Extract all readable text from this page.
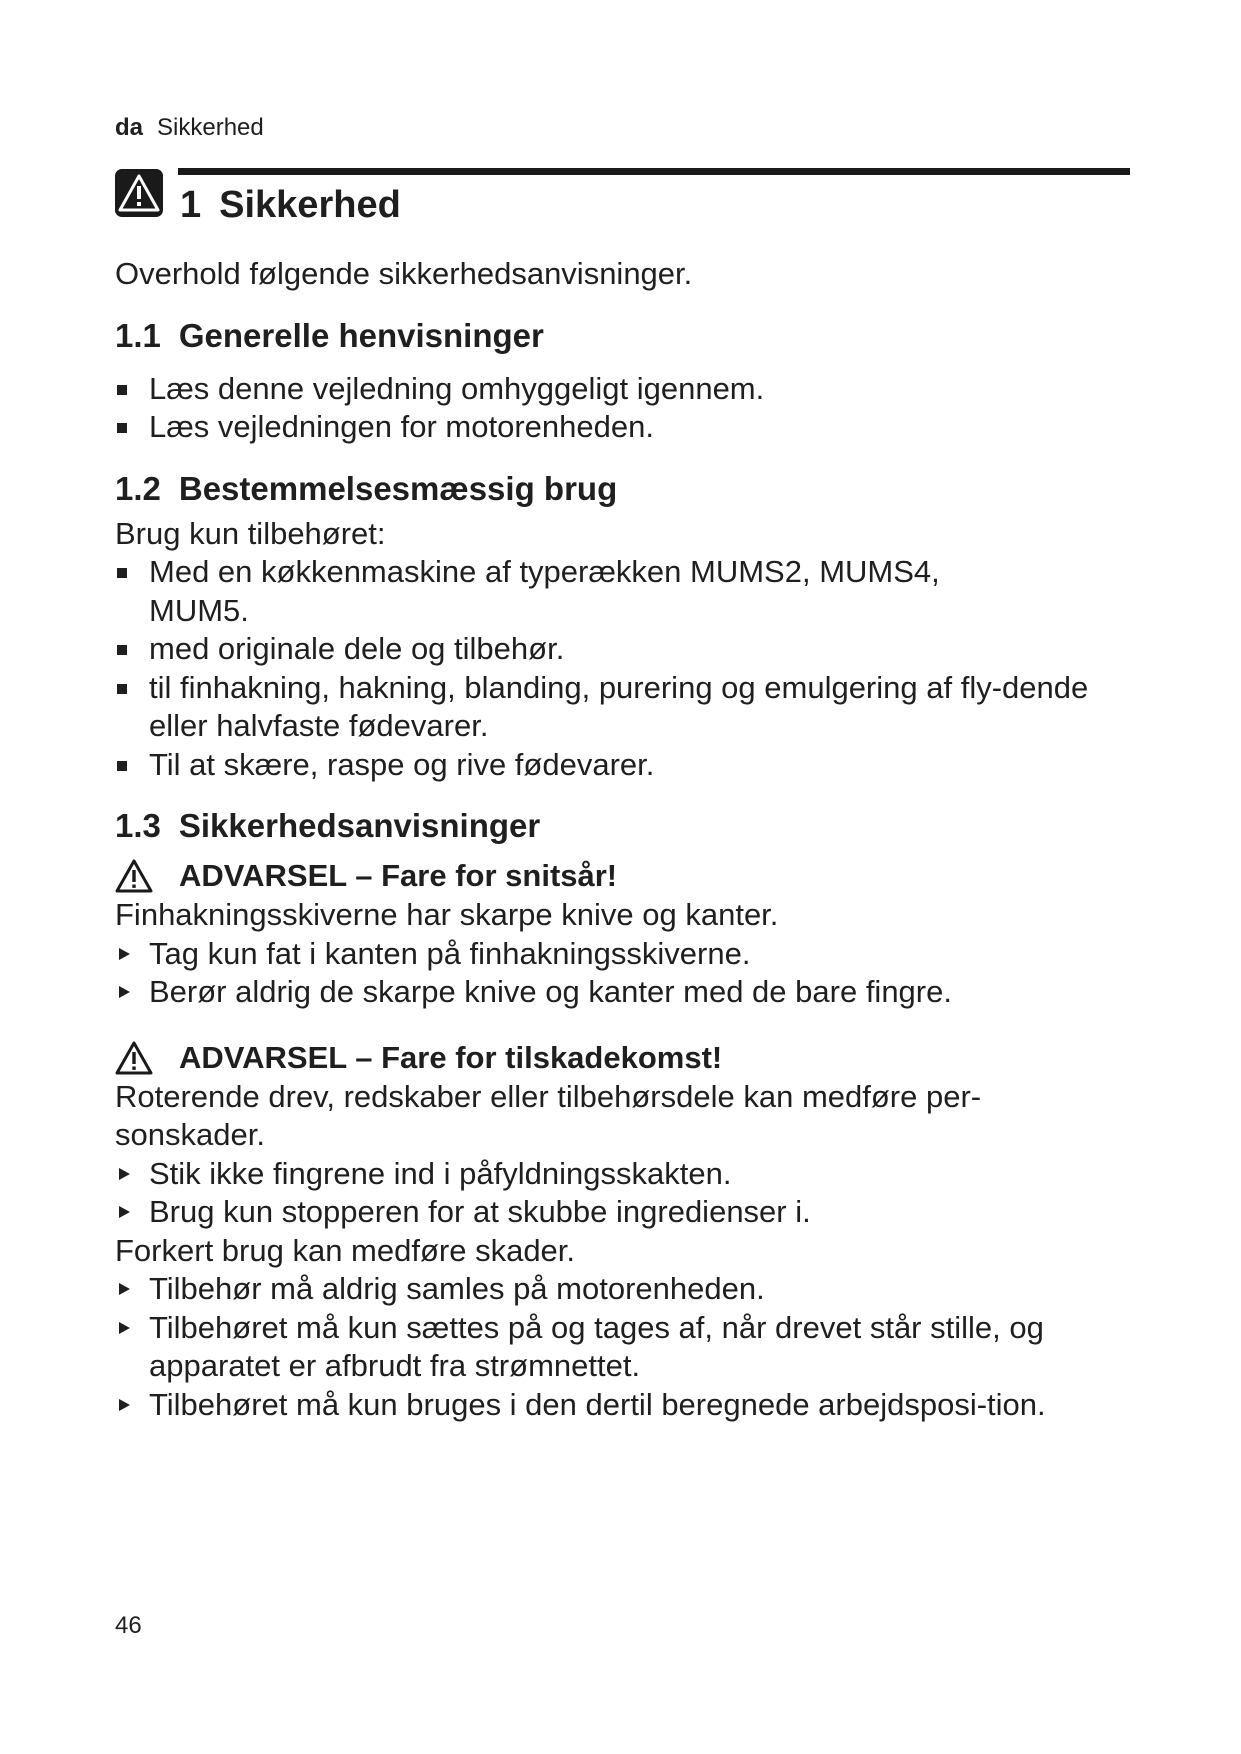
da Sikkerhed
1 Sikkerhed

Overhold følgende sikkerhedsanvisninger.

1.1 Generelle henvisninger
Læs denne vejledning omhyggeligt igennem.
Læs vejledningen for motorenheden.
1.2 Bestemmelsesmæssig brug

Brug kun tilbehøret:

Med en køkkenmaskine af typerækken MUMS2, MUMS4, MUM5.
med originale dele og tilbehør.
til finhakning, hakning, blanding, purering og emulgering af fly-dende eller halvfaste fødevarer.
Til at skære, raspe og rive fødevarer.
1.3 Sikkerhedsanvisninger
ADVARSEL – Fare for snitsår!

Finhakningsskiverne har skarpe knive og kanter.

Tag kun fat i kanten på finhakningsskiverne.
Berør aldrig de skarpe knive og kanter med de bare fingre.
ADVARSEL – Fare for tilskadekomst!

Roterende drev, redskaber eller tilbehørsdele kan medføre per-sonskader.

Stik ikke fingrene ind i påfyldningsskakten.
Brug kun stopperen for at skubbe ingredienser i.

Forkert brug kan medføre skader.

Tilbehør må aldrig samles på motorenheden.
Tilbehøret må kun sættes på og tages af, når drevet står stille, og apparatet er afbrudt fra strømnettet.
Tilbehøret må kun bruges i den dertil beregnede arbejdsposi-tion.
46
